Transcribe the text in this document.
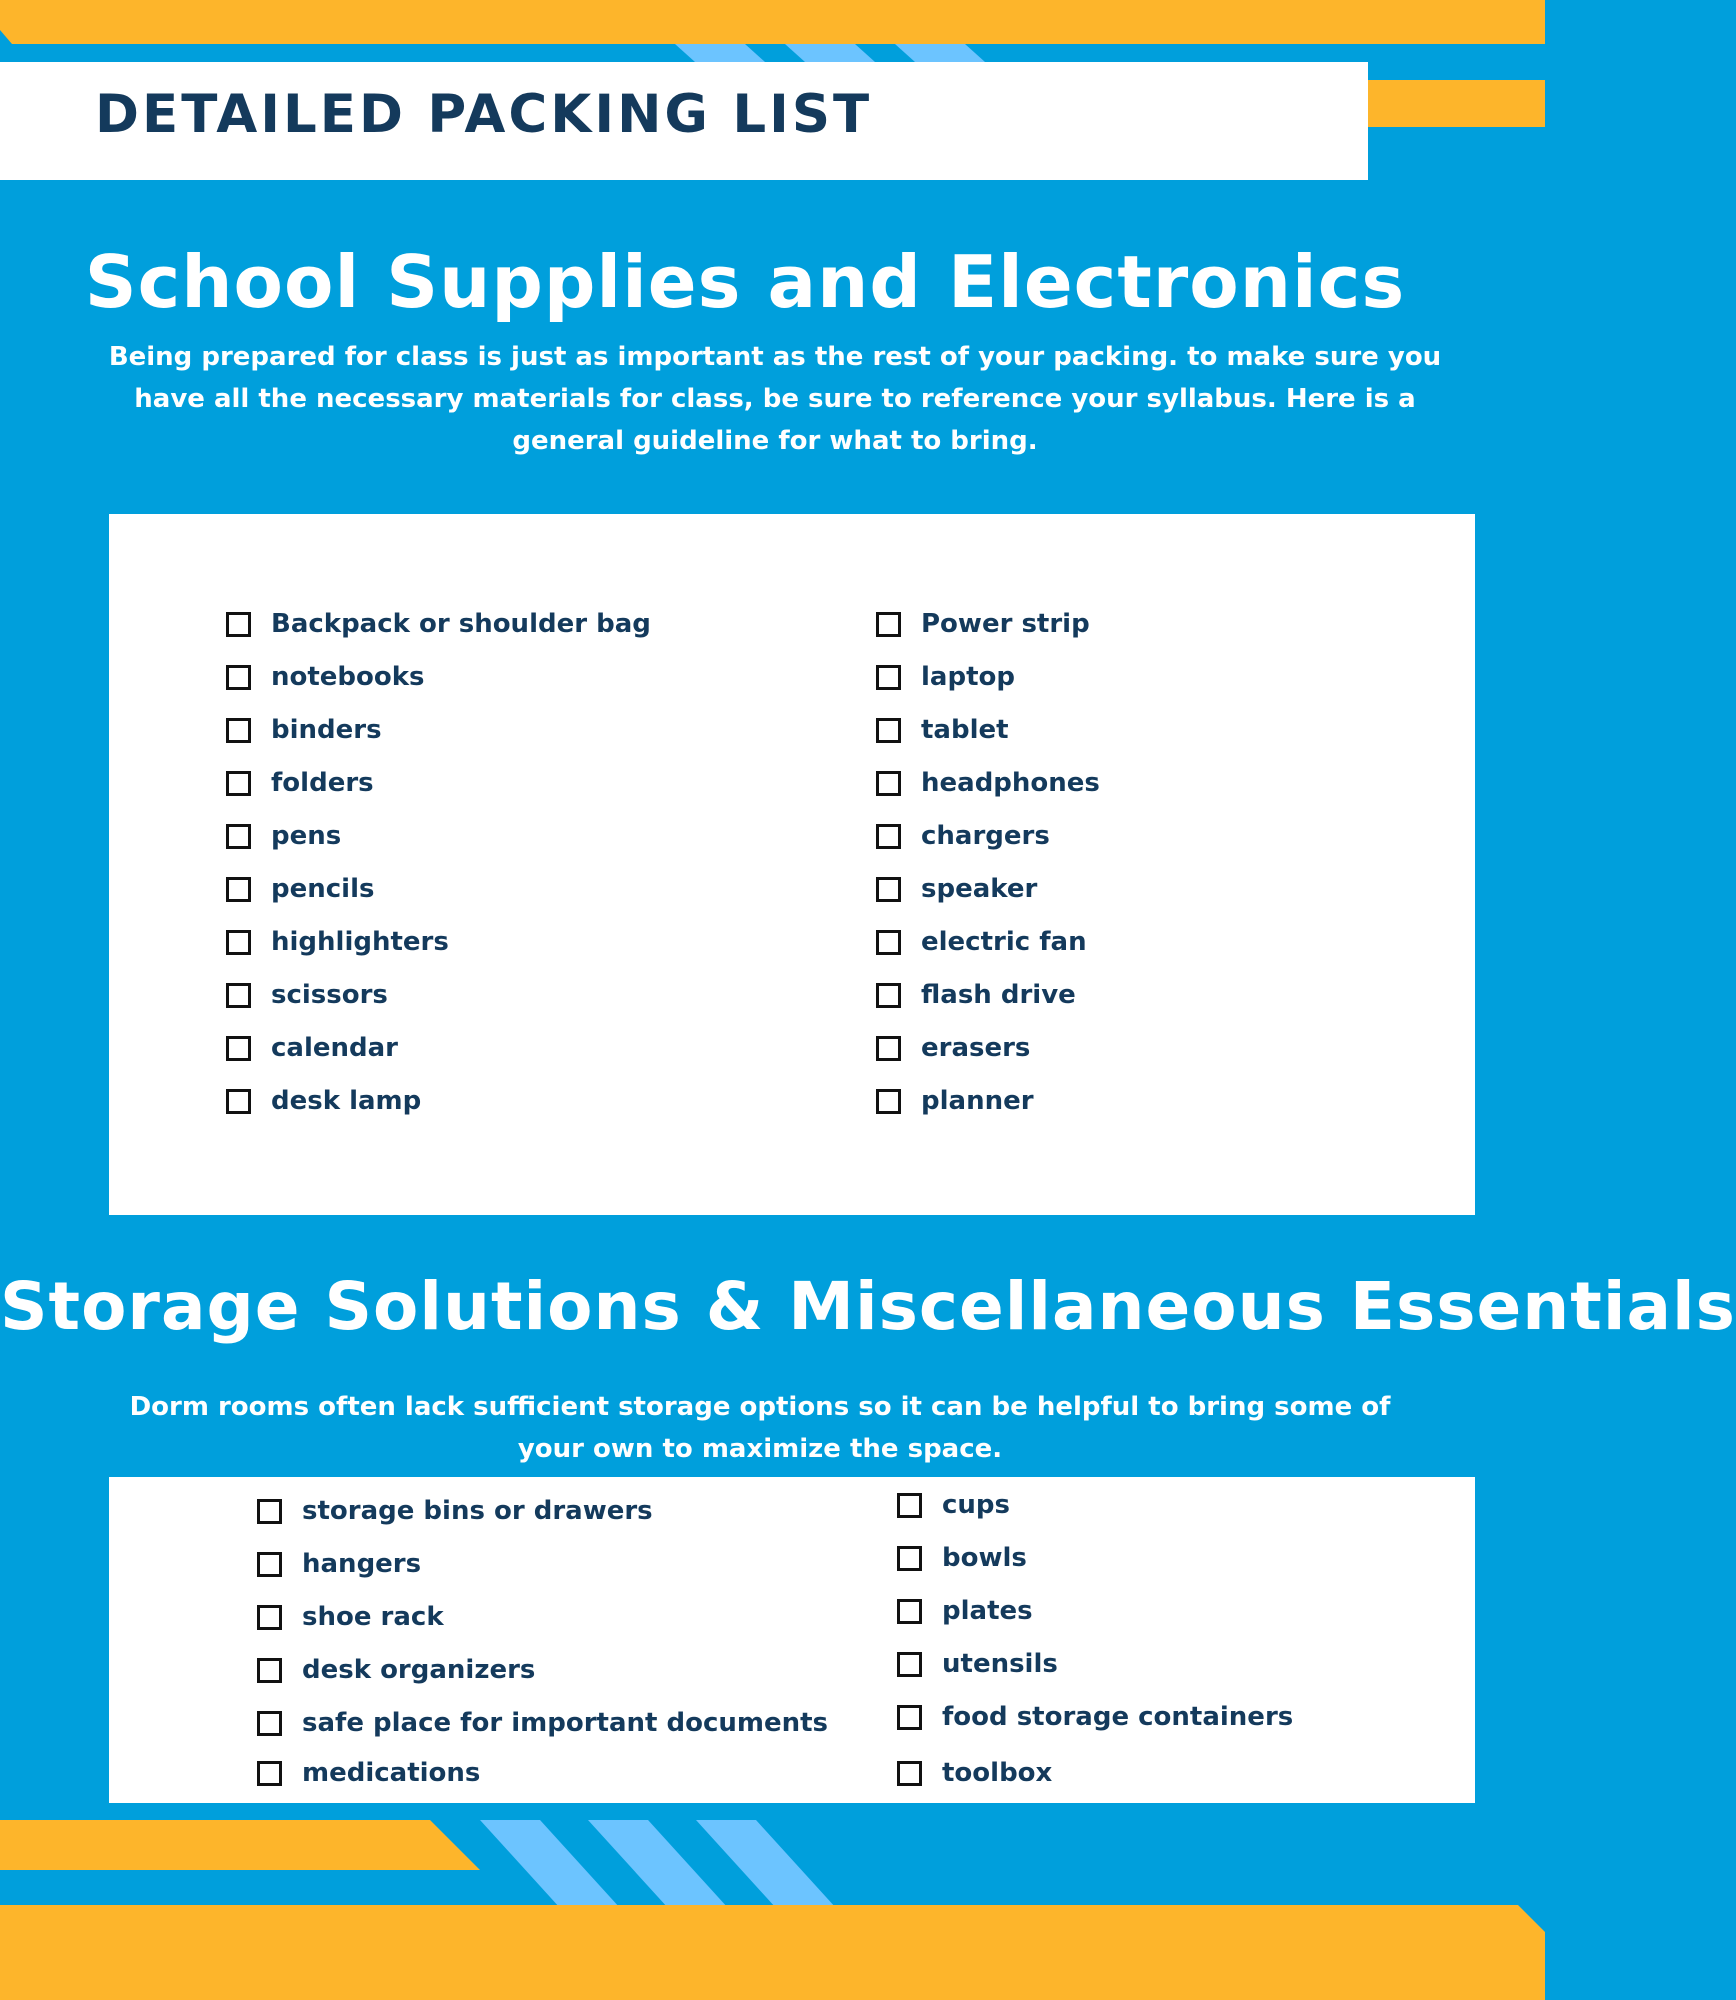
DETAILED PACKING LIST
School Supplies and Electronics
Being prepared for class is just as important as the rest of your packing. to make sure you have all the necessary materials for class, be sure to reference your syllabus. Here is a general guideline for what to bring.
Backpack or shoulder bag
notebooks
binders
folders
pens
pencils
highlighters
scissors
calendar
desk lamp
Power strip
laptop
tablet
headphones
chargers
speaker
electric fan
flash drive
erasers
planner
Storage Solutions & Miscellaneous Essentials
Dorm rooms often lack sufficient storage options so it can be helpful to bring some of your own to maximize the space.
storage bins or drawers
hangers
shoe rack
desk organizers
safe place for important documents
medications
cups
bowls
plates
utensils
food storage containers
toolbox
